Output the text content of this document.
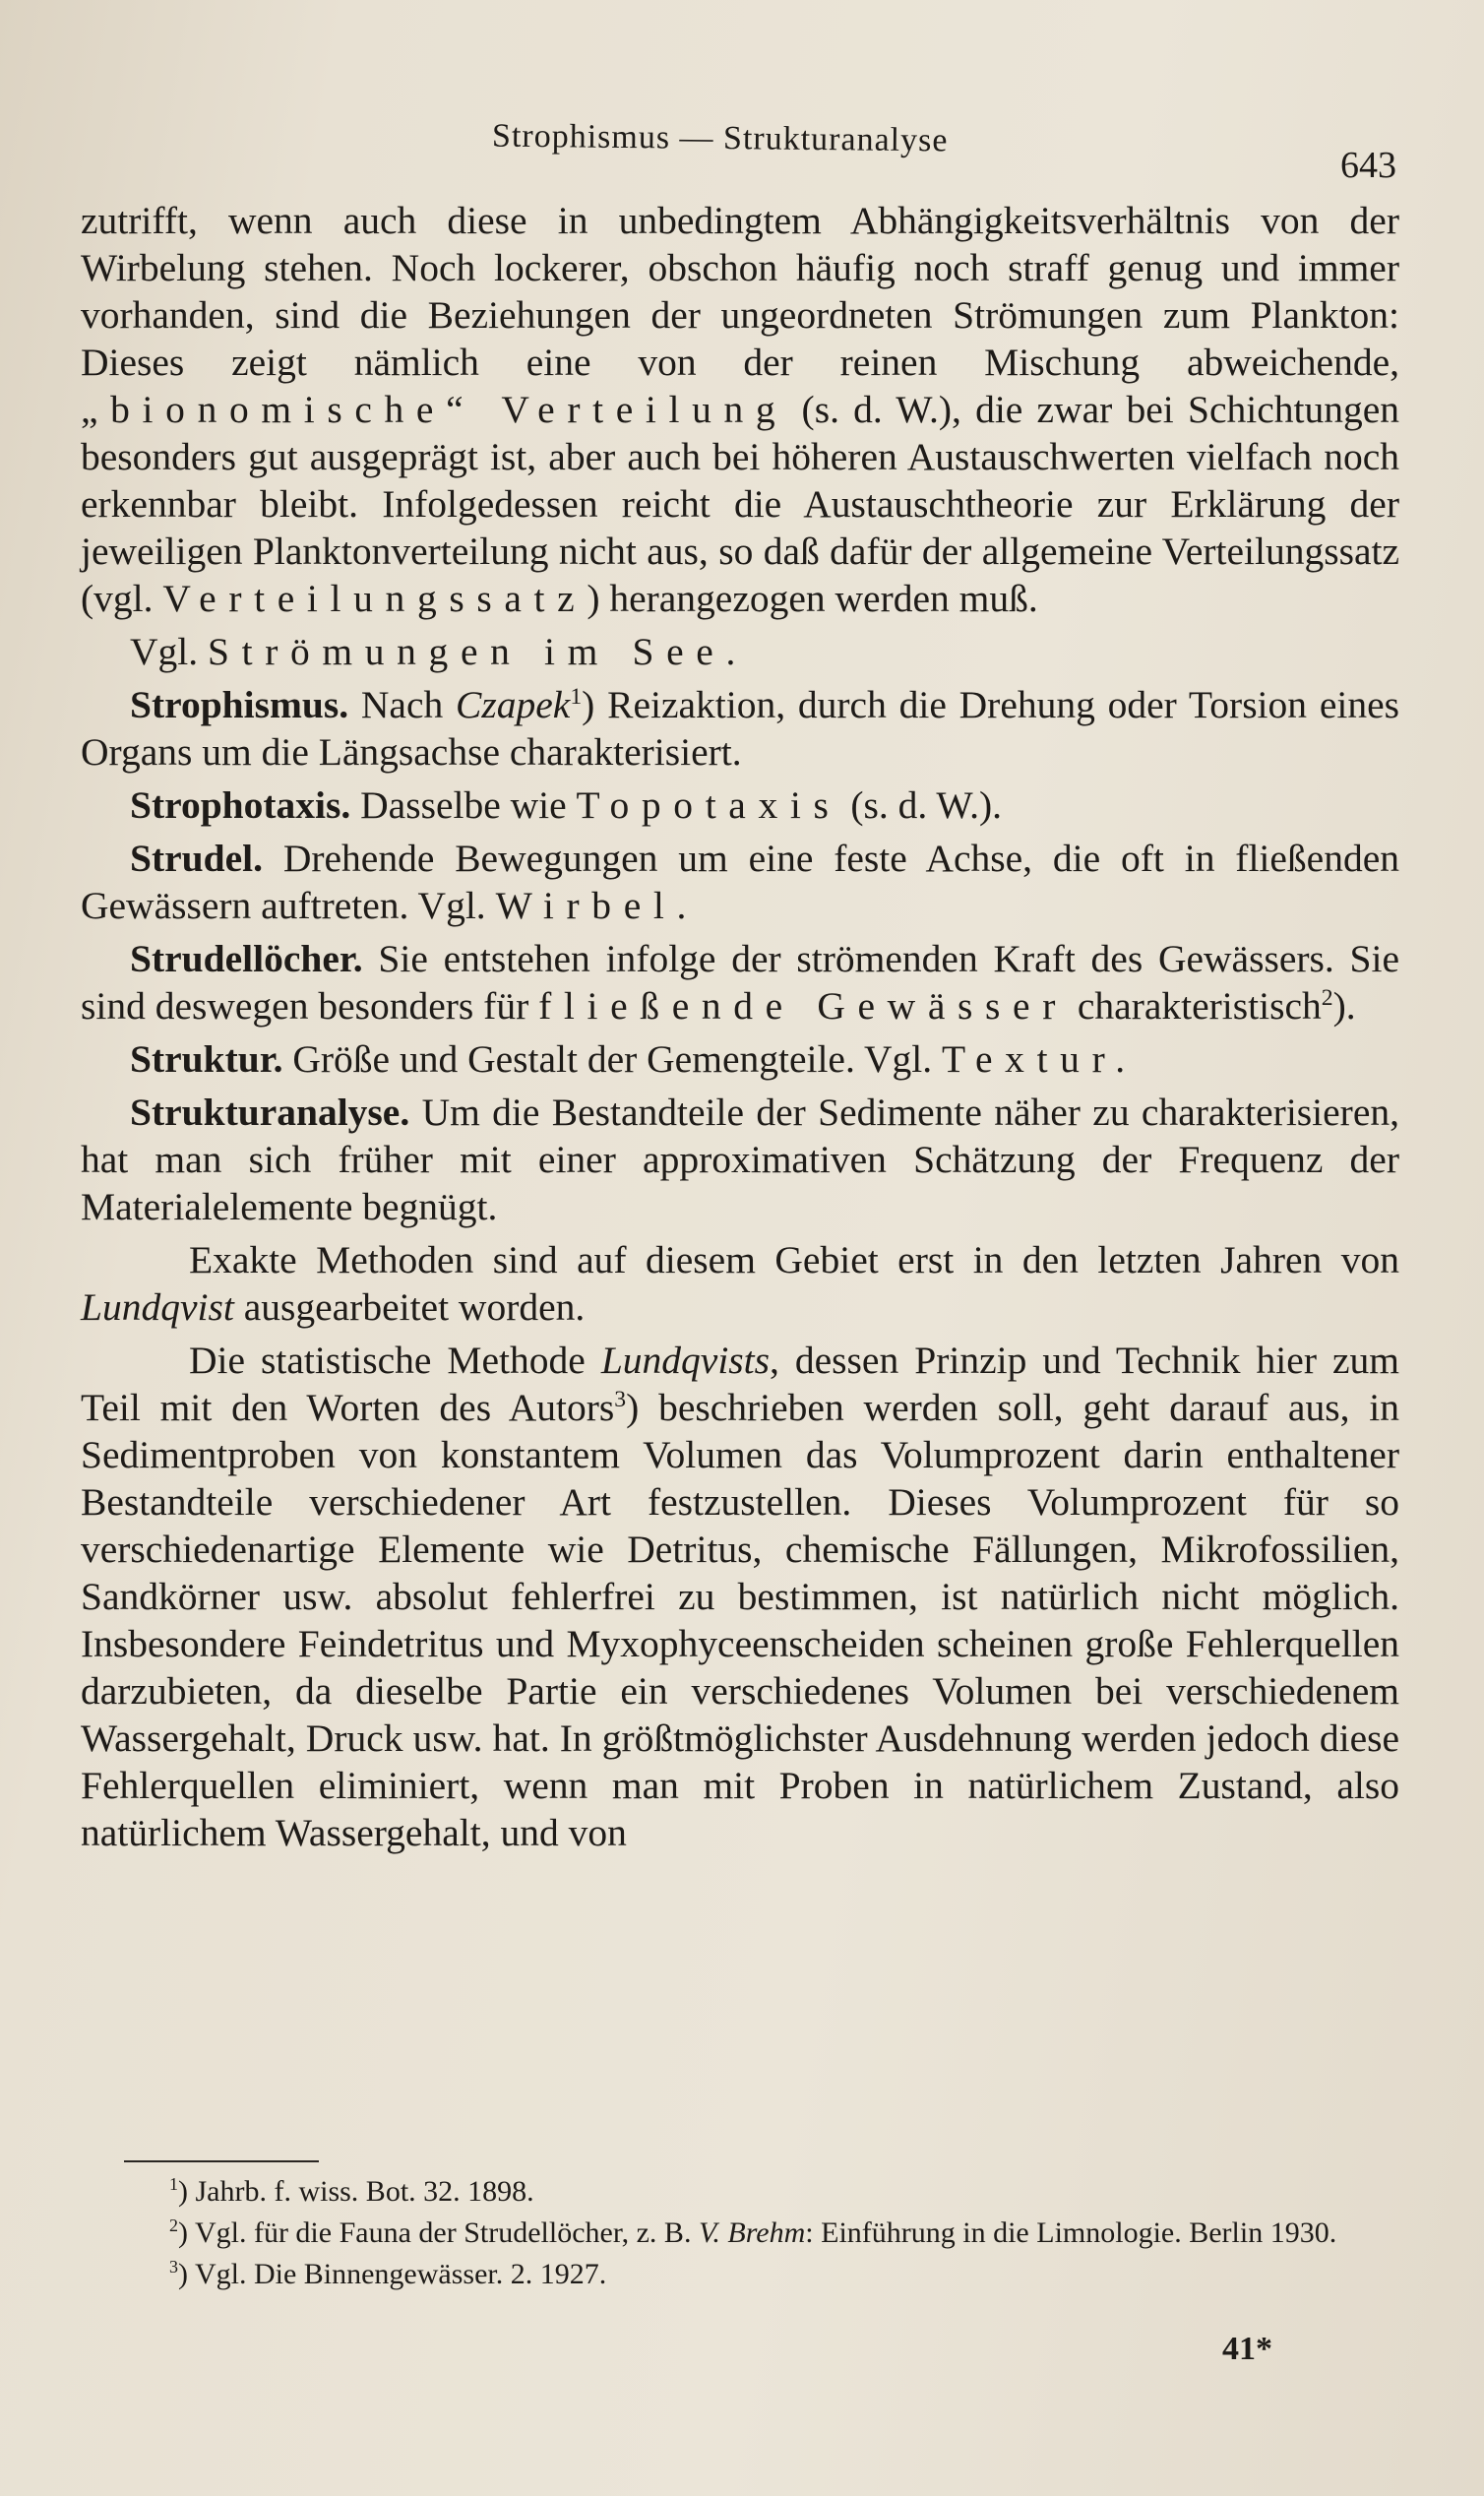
Strophismus — Strukturanalyse
643

zutrifft, wenn auch diese in unbedingtem Abhängigkeitsverhältnis von der Wirbelung stehen. Noch lockerer, obschon häufig noch straff genug und immer vorhanden, sind die Beziehungen der ungeordneten Strömungen zum Plankton: Dieses zeigt nämlich eine von der reinen Mischung abweichende, „bionomische“ Verteilung (s. d. W.), die zwar bei Schichtungen besonders gut ausgeprägt ist, aber auch bei höheren Austauschwerten vielfach noch erkennbar bleibt. Infolgedessen reicht die Austauschtheorie zur Erklärung der jeweiligen Planktonverteilung nicht aus, so daß dafür der allgemeine Verteilungssatz (vgl. Verteilungssatz) herangezogen werden muß.

Vgl. Strömungen im See.

Strophismus. Nach Czapek$^1$) Reizaktion, durch die Drehung oder Torsion eines Organs um die Längsachse charakterisiert.

Strophotaxis. Dasselbe wie Topotaxis (s. d. W.).

Strudel. Drehende Bewegungen um eine feste Achse, die oft in fließenden Gewässern auftreten. Vgl. Wirbel.

Strudellöcher. Sie entstehen infolge der strömenden Kraft des Gewässers. Sie sind deswegen besonders für fließende Gewässer charakteristisch$^2$).

Struktur. Größe und Gestalt der Gemengteile. Vgl. Textur.

Strukturanalyse. Um die Bestandteile der Sedimente näher zu charakterisieren, hat man sich früher mit einer approximativen Schätzung der Frequenz der Materialelemente begnügt.

Exakte Methoden sind auf diesem Gebiet erst in den letzten Jahren von Lundqvist ausgearbeitet worden.

Die statistische Methode Lundqvists, dessen Prinzip und Technik hier zum Teil mit den Worten des Autors$^3$) beschrieben werden soll, geht darauf aus, in Sedimentproben von konstantem Volumen das Volumprozent darin enthaltener Bestandteile verschiedener Art festzustellen. Dieses Volumprozent für so verschiedenartige Elemente wie Detritus, chemische Fällungen, Mikrofossilien, Sandkörner usw. absolut fehlerfrei zu bestimmen, ist natürlich nicht möglich. Insbesondere Feindetritus und Myxophyceenscheiden scheinen große Fehlerquellen darzubieten, da dieselbe Partie ein verschiedenes Volumen bei verschiedenem Wassergehalt, Druck usw. hat. In größtmöglichster Ausdehnung werden jedoch diese Fehlerquellen eliminiert, wenn man mit Proben in natürlichem Zustand, also natürlichem Wassergehalt, und von

$^1$) Jahrb. f. wiss. Bot. 32. 1898.

$^2$) Vgl. für die Fauna der Strudellöcher, z. B. V. Brehm: Einführung in die Limnologie. Berlin 1930.

$^3$) Vgl. Die Binnengewässer. 2. 1927.

41*
